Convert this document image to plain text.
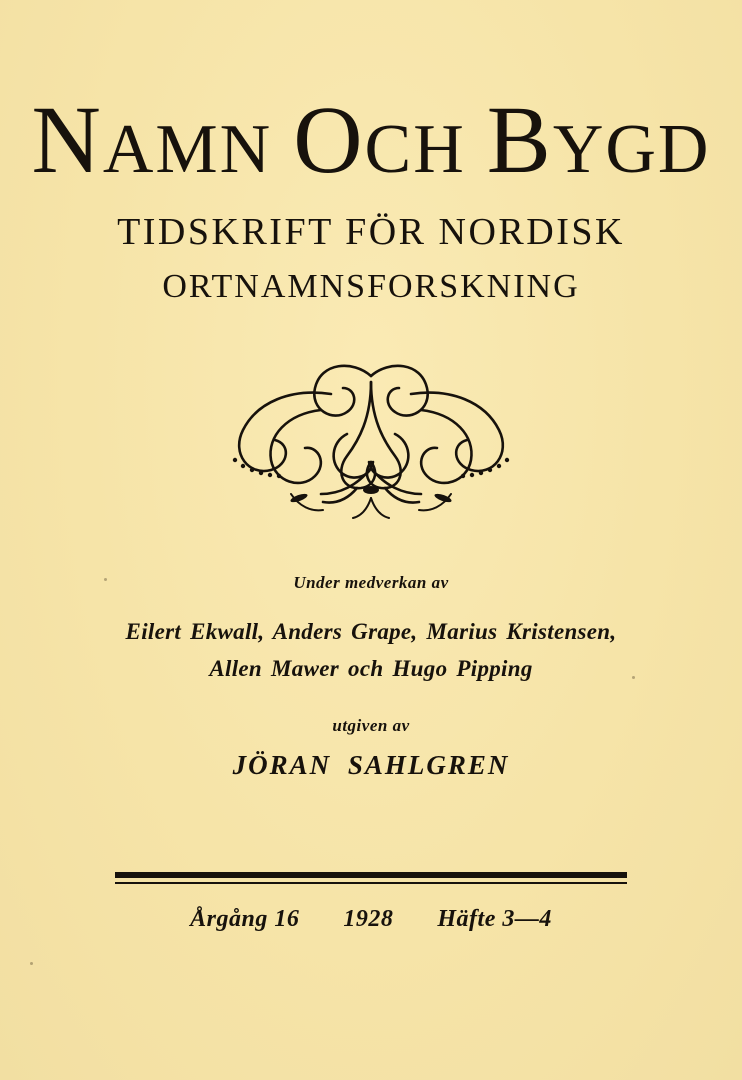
NAMN OCH BYGD
TIDSKRIFT FÖR NORDISK
ORTNAMNSFORSKNING
Under medverkan av
Eilert Ekwall, Anders Grape, Marius Kristensen,
Allen Mawer och Hugo Pipping
utgiven av
JÖRAN SAHLGREN
Årgång 16 1928 Häfte 3—4
